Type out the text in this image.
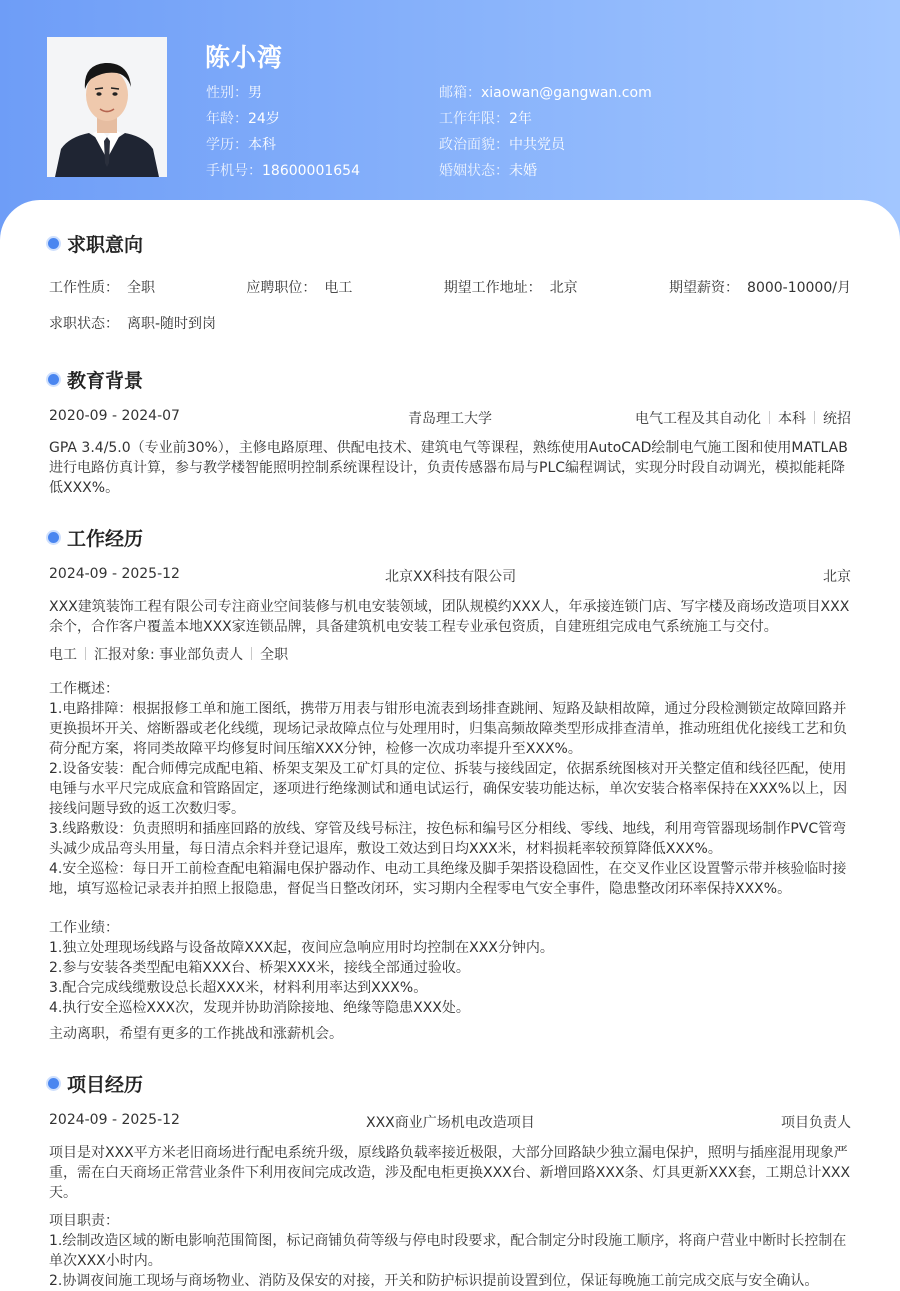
陈小湾
性别：男
年龄：24岁
学历：本科
手机号：18600001654
邮箱：xiaowan@gangwan.com
工作年限：2年
政治面貌：中共党员
婚姻状态：未婚
求职意向
工作性质： 全职	应聘职位： 电工	期望工作地址： 北京	期望薪资： 8000-10000/月
求职状态： 离职-随时到岗
教育背景
2020-09 - 2024-07	青岛理工大学	电气工程及其自动化 本科 统招
GPA 3.4/5.0（专业前30%），主修电路原理、供配电技术、建筑电气等课程，熟练使用AutoCAD绘制电气施工图和使用MATLAB进行电路仿真计算，参与教学楼智能照明控制系统课程设计，负责传感器布局与PLC编程调试，实现分时段自动调光，模拟能耗降低XXX%。
工作经历
2024-09 - 2025-12	北京XX科技有限公司	北京
XXX建筑装饰工程有限公司专注商业空间装修与机电安装领域，团队规模约XXX人，年承接连锁门店、写字楼及商场改造项目XXX余个，合作客户覆盖本地XXX家连锁品牌，具备建筑机电安装工程专业承包资质，自建班组完成电气系统施工与交付。
电工 汇报对象: 事业部负责人 全职
工作概述：
1.电路排障：根据报修工单和施工图纸，携带万用表与钳形电流表到场排查跳闸、短路及缺相故障，通过分段检测锁定故障回路并更换损坏开关、熔断器或老化线缆，现场记录故障点位与处理用时，归集高频故障类型形成排查清单，推动班组优化接线工艺和负荷分配方案，将同类故障平均修复时间压缩XXX分钟，检修一次成功率提升至XXX%。
2.设备安装：配合师傅完成配电箱、桥架支架及工矿灯具的定位、拆装与接线固定，依据系统图核对开关整定值和线径匹配，使用电锤与水平尺完成底盒和管路固定，逐项进行绝缘测试和通电试运行，确保安装功能达标，单次安装合格率保持在XXX%以上，因接线问题导致的返工次数归零。
3.线路敷设：负责照明和插座回路的放线、穿管及线号标注，按色标和编号区分相线、零线、地线，利用弯管器现场制作PVC管弯头减少成品弯头用量，每日清点余料并登记退库，敷设工效达到日均XXX米，材料损耗率较预算降低XXX%。
4.安全巡检：每日开工前检查配电箱漏电保护器动作、电动工具绝缘及脚手架搭设稳固性，在交叉作业区设置警示带并核验临时接地，填写巡检记录表并拍照上报隐患，督促当日整改闭环，实习期内全程零电气安全事件，隐患整改闭环率保持XXX%。
工作业绩：
1.独立处理现场线路与设备故障XXX起，夜间应急响应用时均控制在XXX分钟内。
2.参与安装各类型配电箱XXX台、桥架XXX米，接线全部通过验收。
3.配合完成线缆敷设总长超XXX米，材料利用率达到XXX%。
4.执行安全巡检XXX次，发现并协助消除接地、绝缘等隐患XXX处。
主动离职，希望有更多的工作挑战和涨薪机会。
项目经历
2024-09 - 2025-12	XXX商业广场机电改造项目	项目负责人
项目是对XXX平方米老旧商场进行配电系统升级，原线路负载率接近极限，大部分回路缺少独立漏电保护，照明与插座混用现象严重，需在白天商场正常营业条件下利用夜间完成改造，涉及配电柜更换XXX台、新增回路XXX条、灯具更新XXX套，工期总计XXX天。
项目职责：
1.绘制改造区域的断电影响范围简图，标记商铺负荷等级与停电时段要求，配合制定分时段施工顺序，将商户营业中断时长控制在单次XXX小时内。
2.协调夜间施工现场与商场物业、消防及保安的对接，开关和防护标识提前设置到位，保证每晚施工前完成交底与安全确认。
